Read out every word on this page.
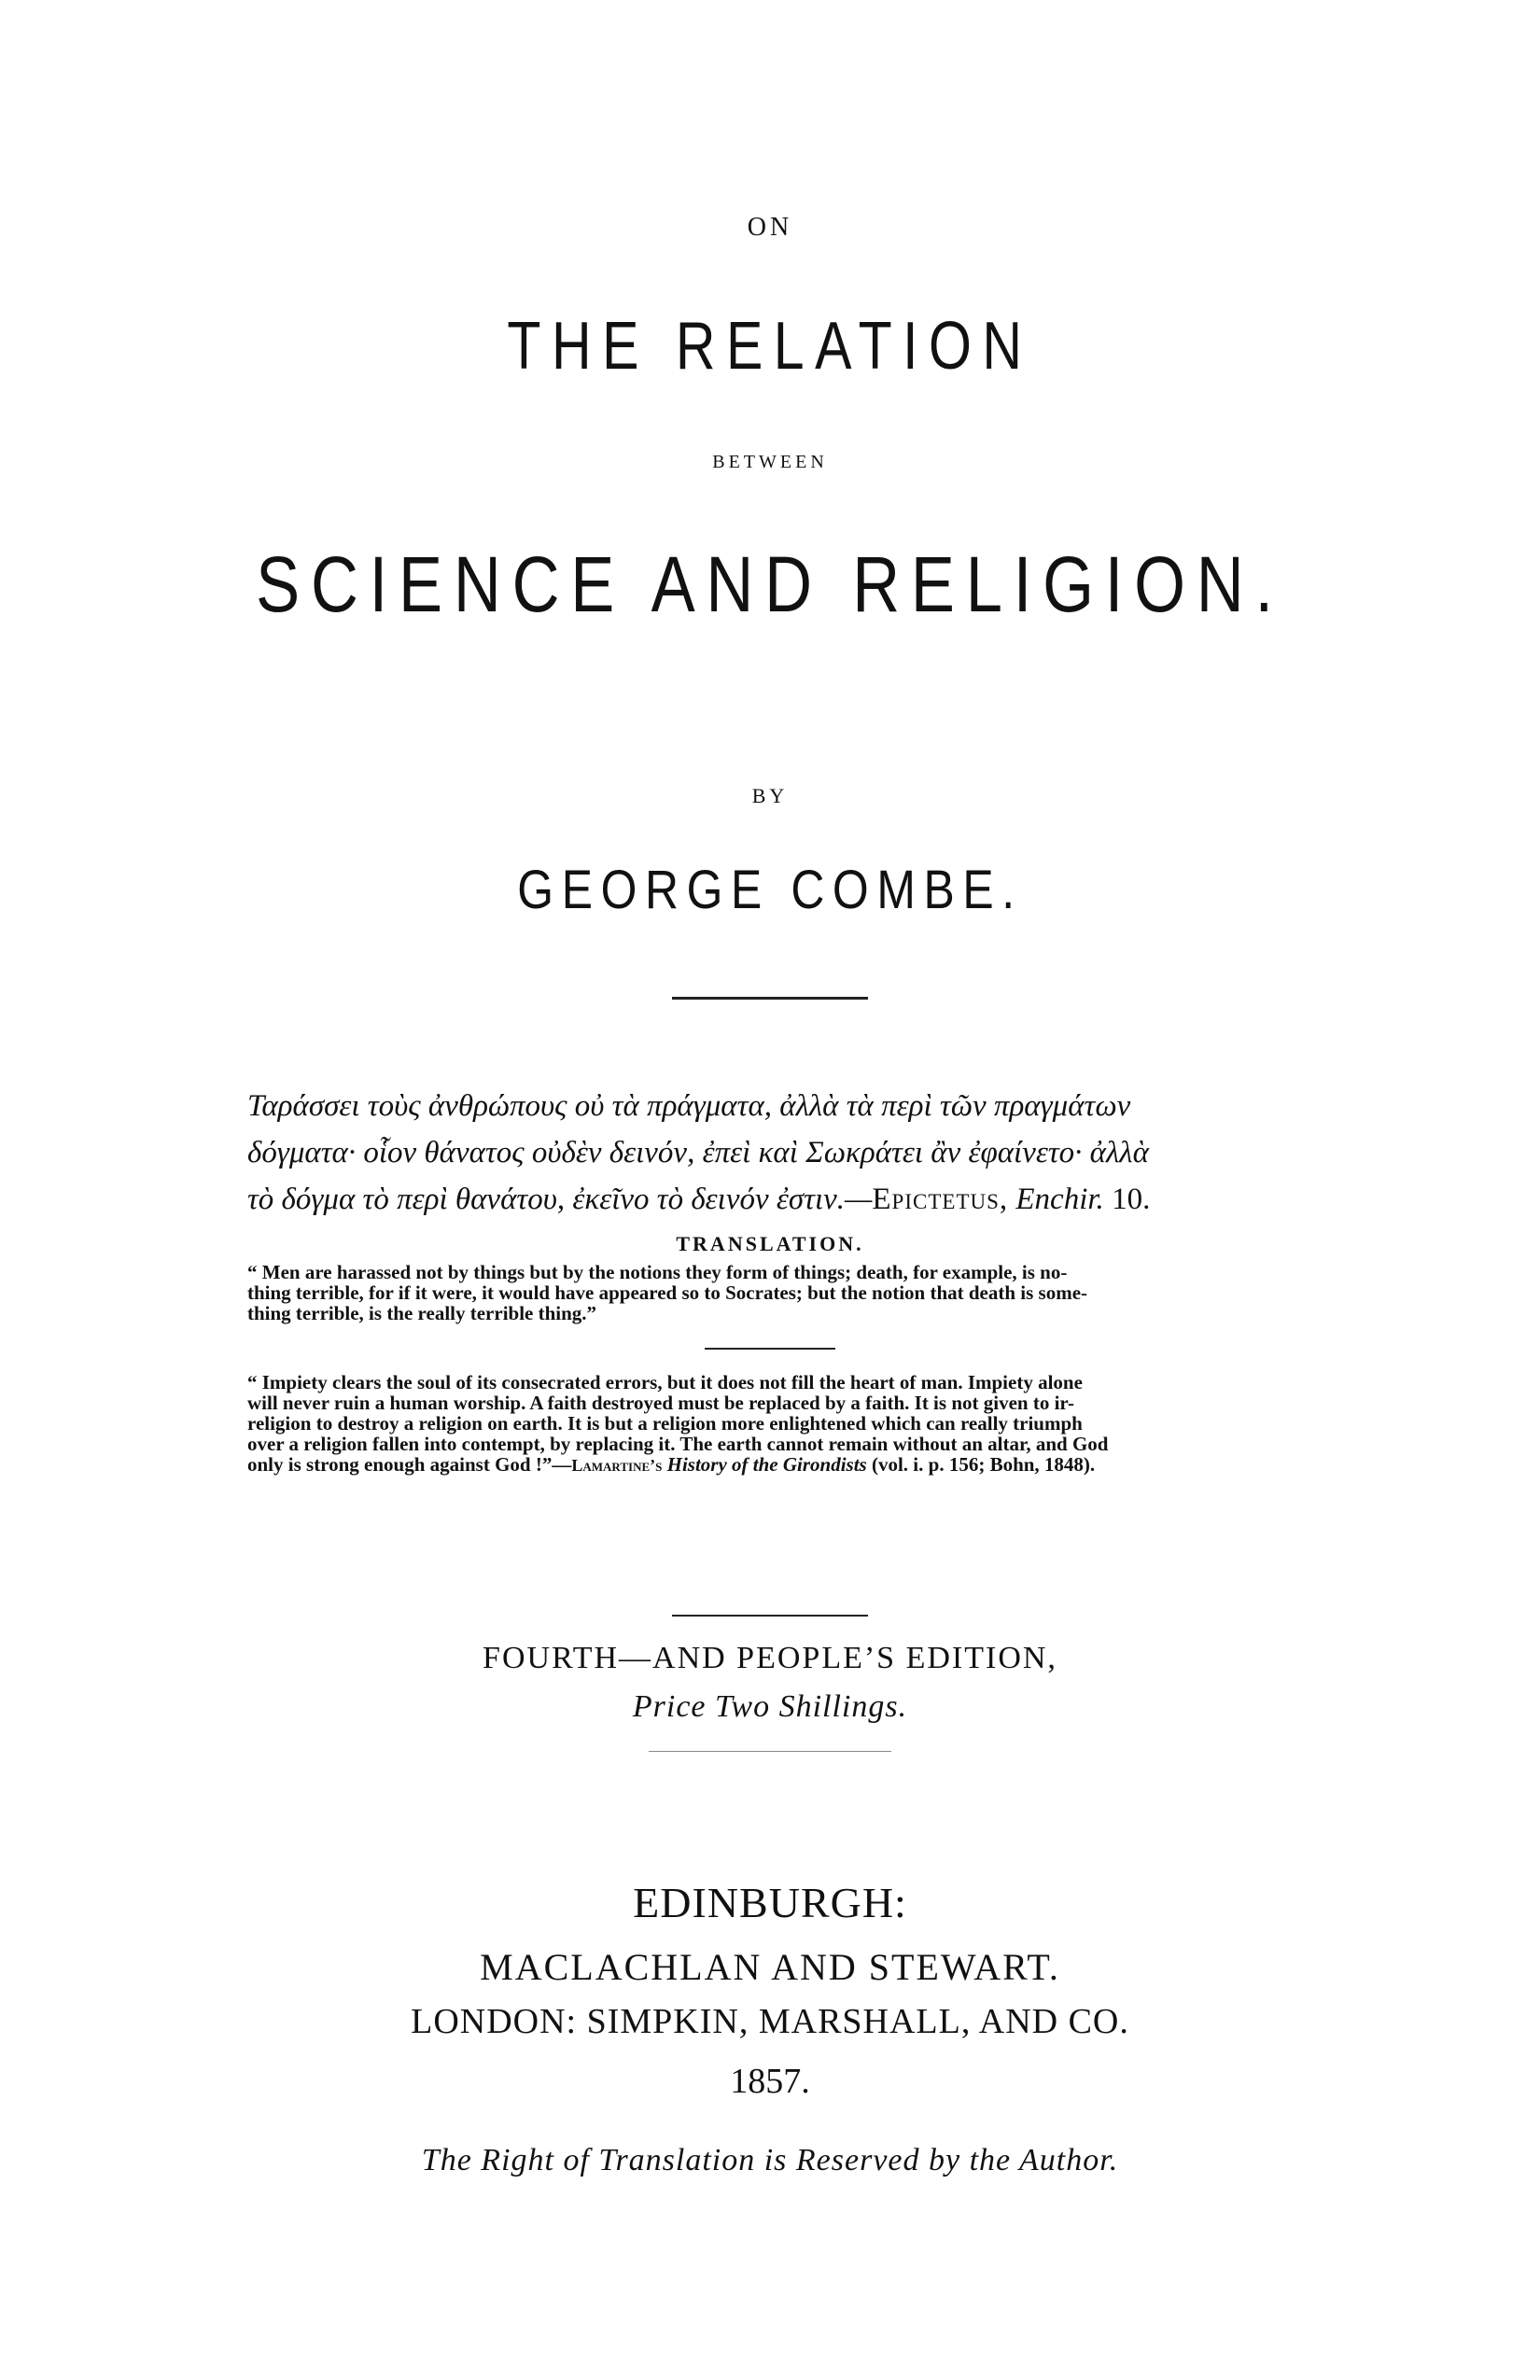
ON
THE RELATION
BETWEEN
SCIENCE AND RELIGION.
BY
GEORGE COMBE.
Ταράσσει τοὺς ἀνθρώπους οὐ τὰ πράγματα, ἀλλὰ τὰ περὶ τῶν πραγμάτων
δόγματα· οἷον θάνατος οὐδὲν δεινόν, ἐπεὶ καὶ Σωκράτει ἂν ἐφαίνετο· ἀλλὰ
τὸ δόγμα τὸ περὶ θανάτου, ἐκεῖνο τὸ δεινόν ἐστιν.—Epictetus, Enchir. 10.
TRANSLATION.
“ Men are harassed not by things but by the notions they form of things; death, for example, is no-
thing terrible, for if it were, it would have appeared so to Socrates; but the notion that death is some-
thing terrible, is the really terrible thing.”
“ Impiety clears the soul of its consecrated errors, but it does not fill the heart of man. Impiety alone
will never ruin a human worship. A faith destroyed must be replaced by a faith. It is not given to ir-
religion to destroy a religion on earth. It is but a religion more enlightened which can really triumph
over a religion fallen into contempt, by replacing it. The earth cannot remain without an altar, and God
only is strong enough against God !”—Lamartine’s History of the Girondists (vol. i. p. 156; Bohn, 1848).
FOURTH—AND PEOPLE’S EDITION,
Price Two Shillings.
EDINBURGH:
MACLACHLAN AND STEWART.
LONDON: SIMPKIN, MARSHALL, AND CO.
1857.
The Right of Translation is Reserved by the Author.
